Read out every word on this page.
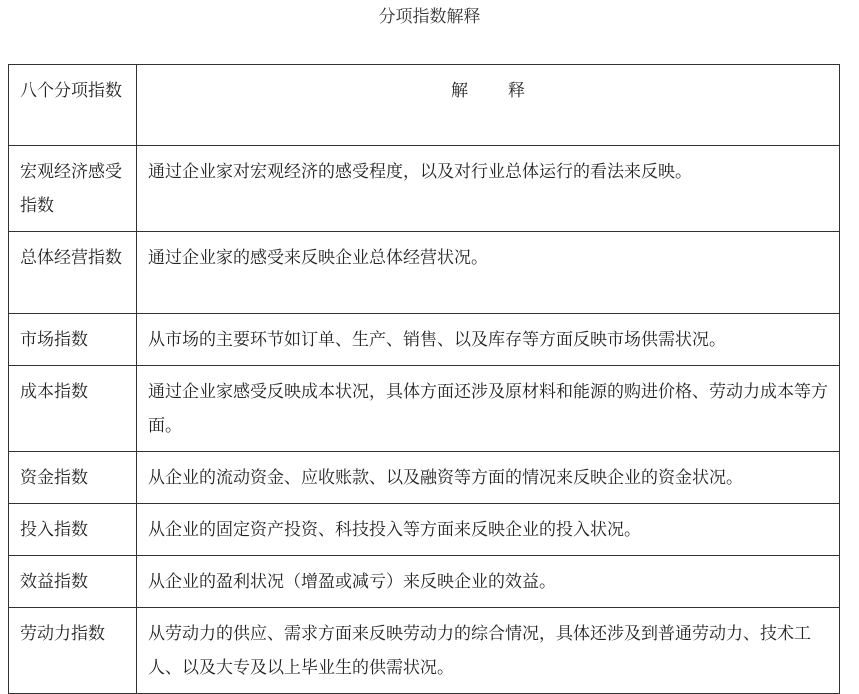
分项指数解释
八个分项指数	解释
宏观经济感受指数	通过企业家对宏观经济的感受程度，以及对行业总体运行的看法来反映。
总体经营指数	通过企业家的感受来反映企业总体经营状况。
市场指数	从市场的主要环节如订单、生产、销售、以及库存等方面反映市场供需状况。
成本指数	通过企业家感受反映成本状况，具体方面还涉及原材料和能源的购进价格、劳动力成本等方面。
资金指数	从企业的流动资金、应收账款、以及融资等方面的情况来反映企业的资金状况。
投入指数	从企业的固定资产投资、科技投入等方面来反映企业的投入状况。
效益指数	从企业的盈利状况（增盈或减亏）来反映企业的效益。
劳动力指数	从劳动力的供应、需求方面来反映劳动力的综合情况，具体还涉及到普通劳动力、技术工人、以及大专及以上毕业生的供需状况。
